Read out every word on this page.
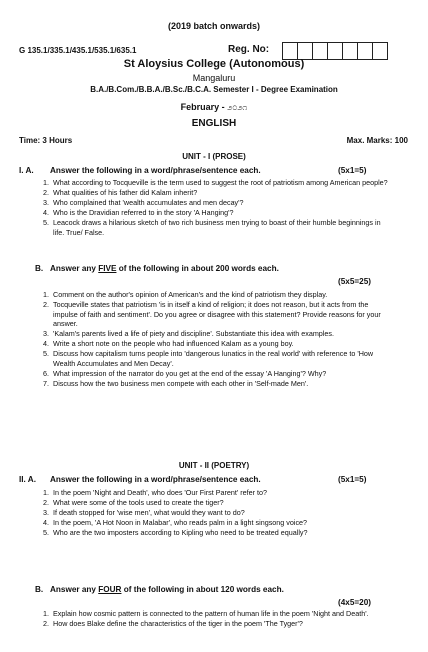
(2019 batch onwards)
G 135.1/335.1/435.1/535.1/635.1	Reg. No:
St Aloysius College (Autonomous)
Mangaluru
B.A./B.Com./B.B.A./B.Sc./B.C.A. Semester I - Degree Examination
February - ೨೦೨೧
ENGLISH
Time: 3 Hours	Max. Marks: 100
UNIT - I (PROSE)
I. A. Answer the following in a word/phrase/sentence each.	(5x1=5)
1. What according to Tocqueville is the term used to suggest the root of patriotism among American people?
2. What qualities of his father did Kalam inherit?
3. Who complained that 'wealth accumulates and men decay'?
4. Who is the Dravidian referred to in the story 'A Hanging'?
5. Leacock draws a hilarious sketch of two rich business men trying to boast of their humble beginnings in life. True/ False.
B. Answer any FIVE of the following in about 200 words each.
(5x5=25)
1. Comment on the author's opinion of American's and the kind of patriotism they display.
2. Tocqueville states that patriotism 'is in itself a kind of religion; it does not reason, but it acts from the impulse of faith and sentiment'. Do you agree or disagree with this statement? Provide reasons for your answer.
3. 'Kalam's parents lived a life of piety and discipline'. Substantiate this idea with examples.
4. Write a short note on the people who had influenced Kalam as a young boy.
5. Discuss how capitalism turns people into 'dangerous lunatics in the real world' with reference to 'How Wealth Accumulates and Men Decay'.
6. What impression of the narrator do you get at the end of the essay 'A Hanging'? Why?
7. Discuss how the two business men compete with each other in 'Self-made Men'.
UNIT - II (POETRY)
II. A. Answer the following in a word/phrase/sentence each.	(5x1=5)
1. In the poem 'Night and Death', who does 'Our First Parent' refer to?
2. What were some of the tools used to create the tiger?
3. If death stopped for 'wise men', what would they want to do?
4. In the poem, 'A Hot Noon in Malabar', who reads palm in a light singsong voice?
5. Who are the two imposters according to Kipling who need to be treated equally?
B. Answer any FOUR of the following in about 120 words each.
(4x5=20)
1. Explain how cosmic pattern is connected to the pattern of human life in the poem 'Night and Death'.
2. How does Blake define the characteristics of the tiger in the poem 'The Tyger'?
